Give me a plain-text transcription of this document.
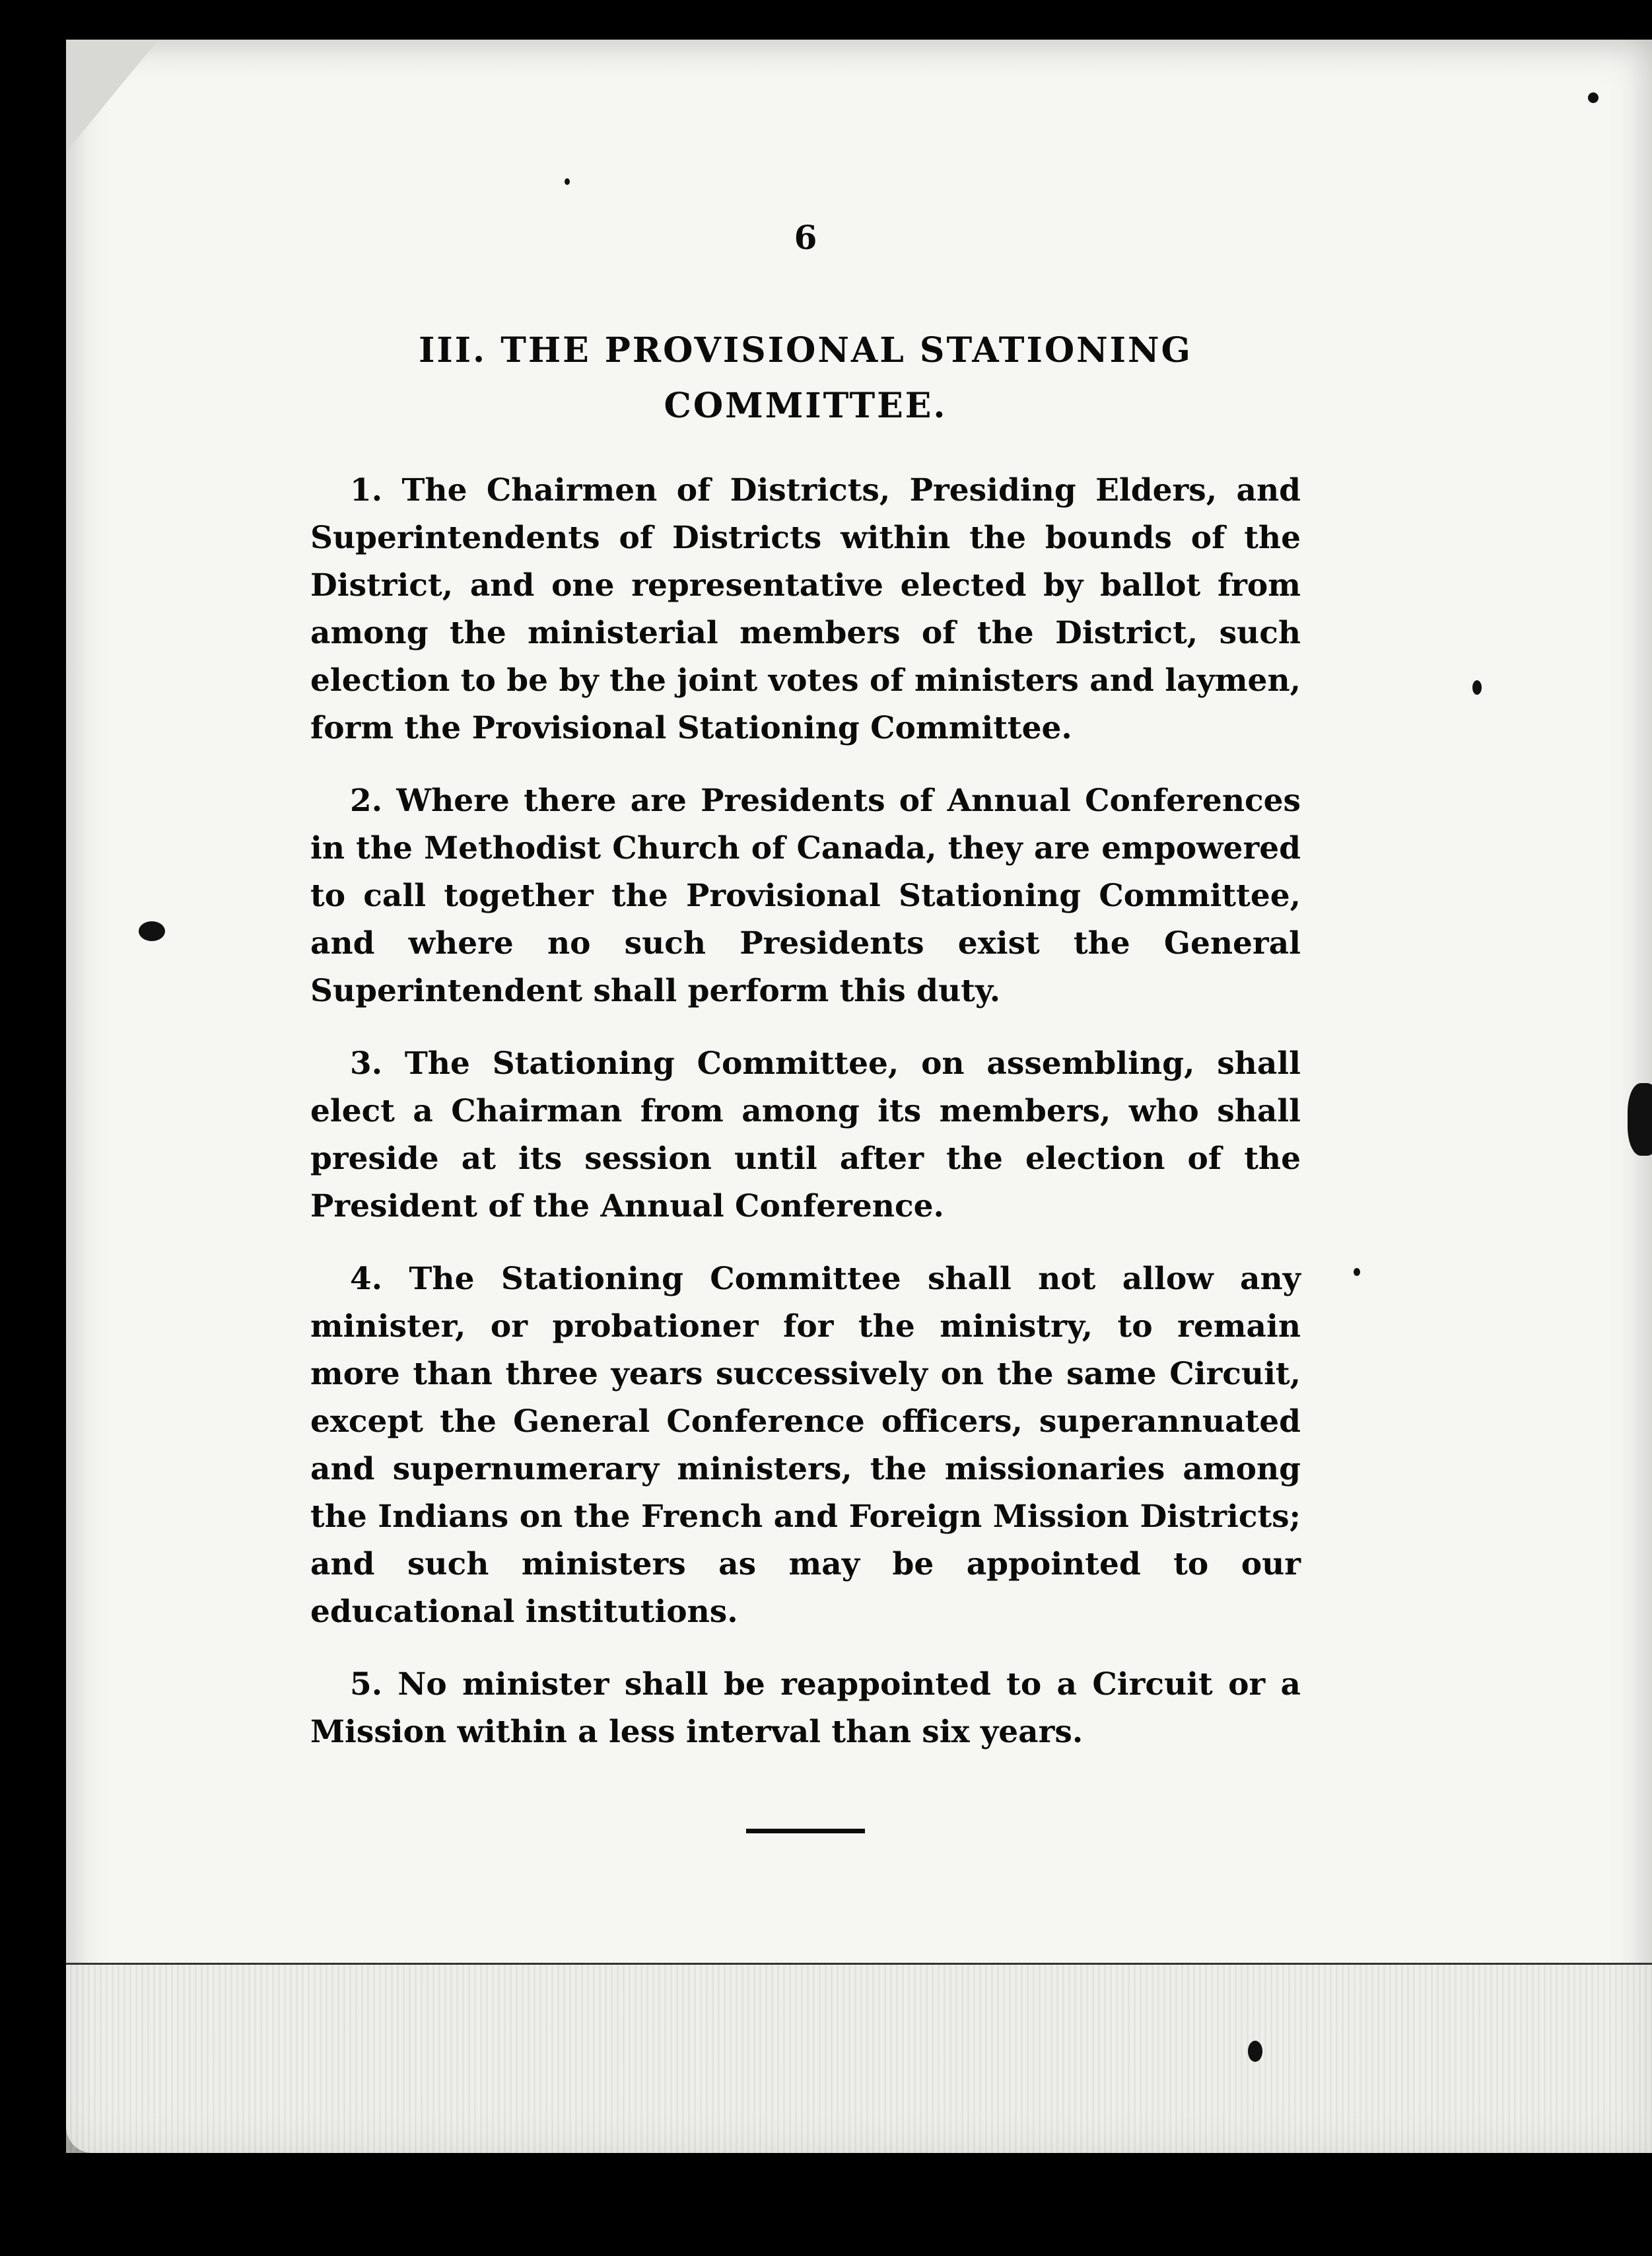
6
III. THE PROVISIONAL STATIONING
COMMITTEE.

1. The Chairmen of Districts, Presiding Elders, and Superintendents of Districts within the bounds of the District, and one representative elected by ballot from among the ministerial members of the District, such election to be by the joint votes of ministers and laymen, form the Provisional Stationing Committee.

2. Where there are Presidents of Annual Conferences in the Methodist Church of Canada, they are empowered to call together the Provisional Stationing Committee, and where no such Presidents exist the General Superintendent shall perform this duty.

3. The Stationing Committee, on assembling, shall elect a Chairman from among its members, who shall preside at its session until after the election of the President of the Annual Conference.

4. The Stationing Committee shall not allow any minister, or probationer for the ministry, to remain more than three years successively on the same Circuit, except the General Conference officers, superannuated and supernumerary ministers, the missionaries among the Indians on the French and Foreign Mission Districts; and such ministers as may be appointed to our educational institutions.

5. No minister shall be reappointed to a Circuit or a Mission within a less interval than six years.
